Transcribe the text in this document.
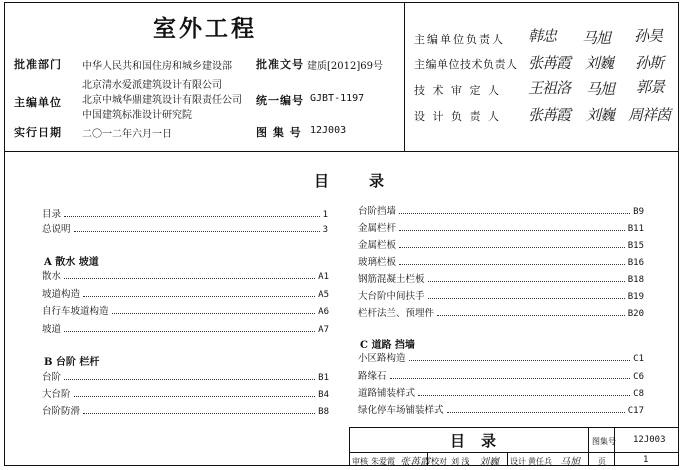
室外工程
批准部门 中华人民共和国住房和城乡建设部 批准文号 建质[2012]69号
主编单位
北京清水爱派建筑设计有限公司
北京中城华鼎建筑设计有限责任公司
中国建筑标准设计研究院
统一编号 GJBT-1197
实行日期 二〇一二年六月一日	图 集 号 12J003
主编单位负责人 韩忠 马旭 孙昊
主编单位技术负责人 张苒霞 刘巍 孙斯
技 术 审 定 人 王祖洛 马旭 郭景
设 计 负 责 人 张苒霞 刘巍 周祥茵
目	录
目录	1
总说明	3
A 散水 坡道
散水	A1
坡道构造	A5
自行车坡道构造	A6
坡道	A7
B 台阶 栏杆
台阶	B1
大台阶	B4
台阶防滑	B8
台阶挡墙	B9
金属栏杆	B11
金属栏板	B15
玻璃栏板	B16
钢筋混凝土栏板	B18
大台阶中间扶手	B19
栏杆法兰、预埋件	B20
C 道路 挡墙
小区路构造	C1
路缘石	C6
道路铺装样式	C8
绿化停车场铺装样式	C17
目录	图集号 12J003
审核 朱爱霞 张苒霞 校对 刘 浅 刘巍 设计 黄任兵 马旭 页	1
